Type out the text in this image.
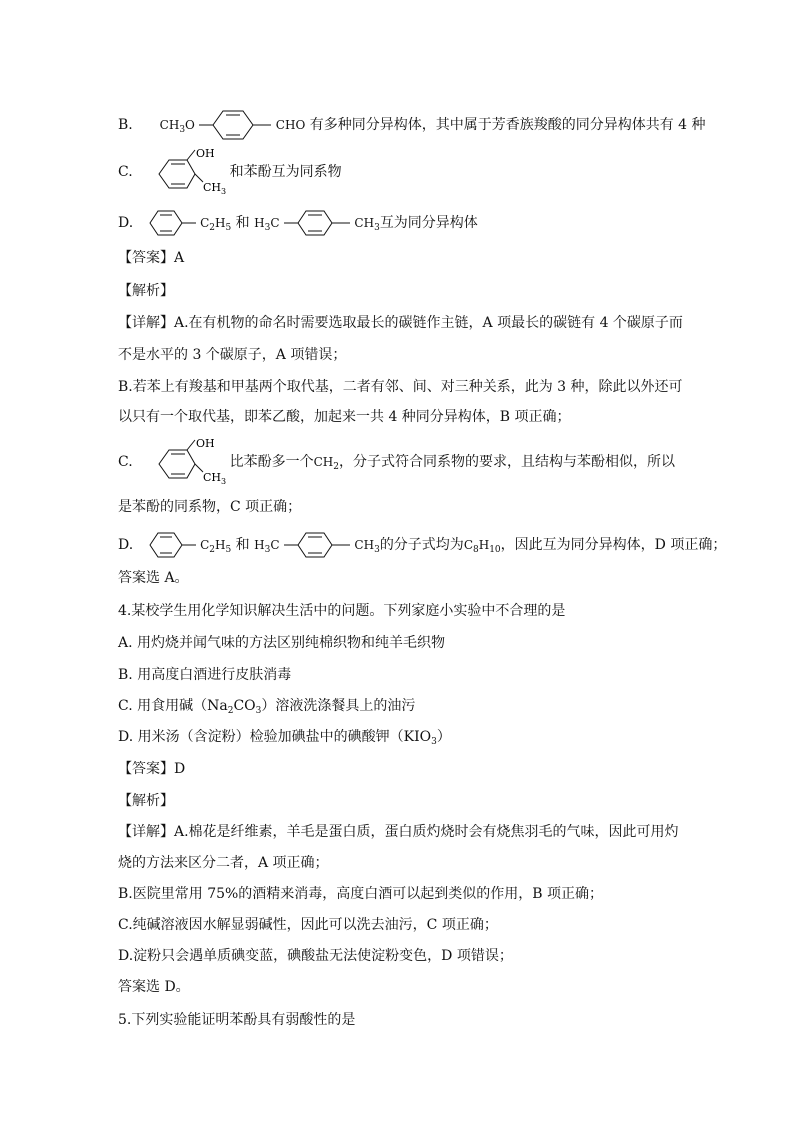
B. $CH_3O$	CHO 有多种同分异构体，其中属于芳香族羧酸的同分异构体共有 4 种
C.
OH
$CH_3$
和苯酚互为同系物
D.	$C_2H_5$ 和 $H_3C$	$CH_3$互为同分异构体
【答案】A
【解析】
【详解】A.在有机物的命名时需要选取最长的碳链作主链，A 项最长的碳链有 4 个碳原子而
不是水平的 3 个碳原子，A 项错误；
B.若苯上有羧基和甲基两个取代基，二者有邻、间、对三种关系，此为 3 种，除此以外还可
以只有一个取代基，即苯乙酸，加起来一共 4 种同分异构体，B 项正确；
C.
OH
$CH_3$
比苯酚多一个$CH_2$，分子式符合同系物的要求，且结构与苯酚相似，所以
是苯酚的同系物，C 项正确；
D.	$C_2H_5$ 和 $H_3C$	$CH_3$的分子式均为$C_8H_{10}$，因此互为同分异构体，D 项正确；
答案选 A。
4.某校学生用化学知识解决生活中的问题。下列家庭小实验中不合理的是
A. 用灼烧并闻气味的方法区别纯棉织物和纯羊毛织物
B. 用高度白酒进行皮肤消毒
C. 用食用碱$(Na_2CO_3)$溶液洗涤餐具上的油污
D. 用米汤（含淀粉）检验加碘盐中的碘酸钾$(KIO_3)$
【答案】D
【解析】
【详解】A.棉花是纤维素，羊毛是蛋白质，蛋白质灼烧时会有烧焦羽毛的气味，因此可用灼
烧的方法来区分二者，A 项正确；
B.医院里常用 75%的酒精来消毒，高度白酒可以起到类似的作用，B 项正确；
C.纯碱溶液因水解显弱碱性，因此可以洗去油污，C 项正确；
D.淀粉只会遇单质碘变蓝，碘酸盐无法使淀粉变色，D 项错误；
答案选 D。
5.下列实验能证明苯酚具有弱酸性的是
